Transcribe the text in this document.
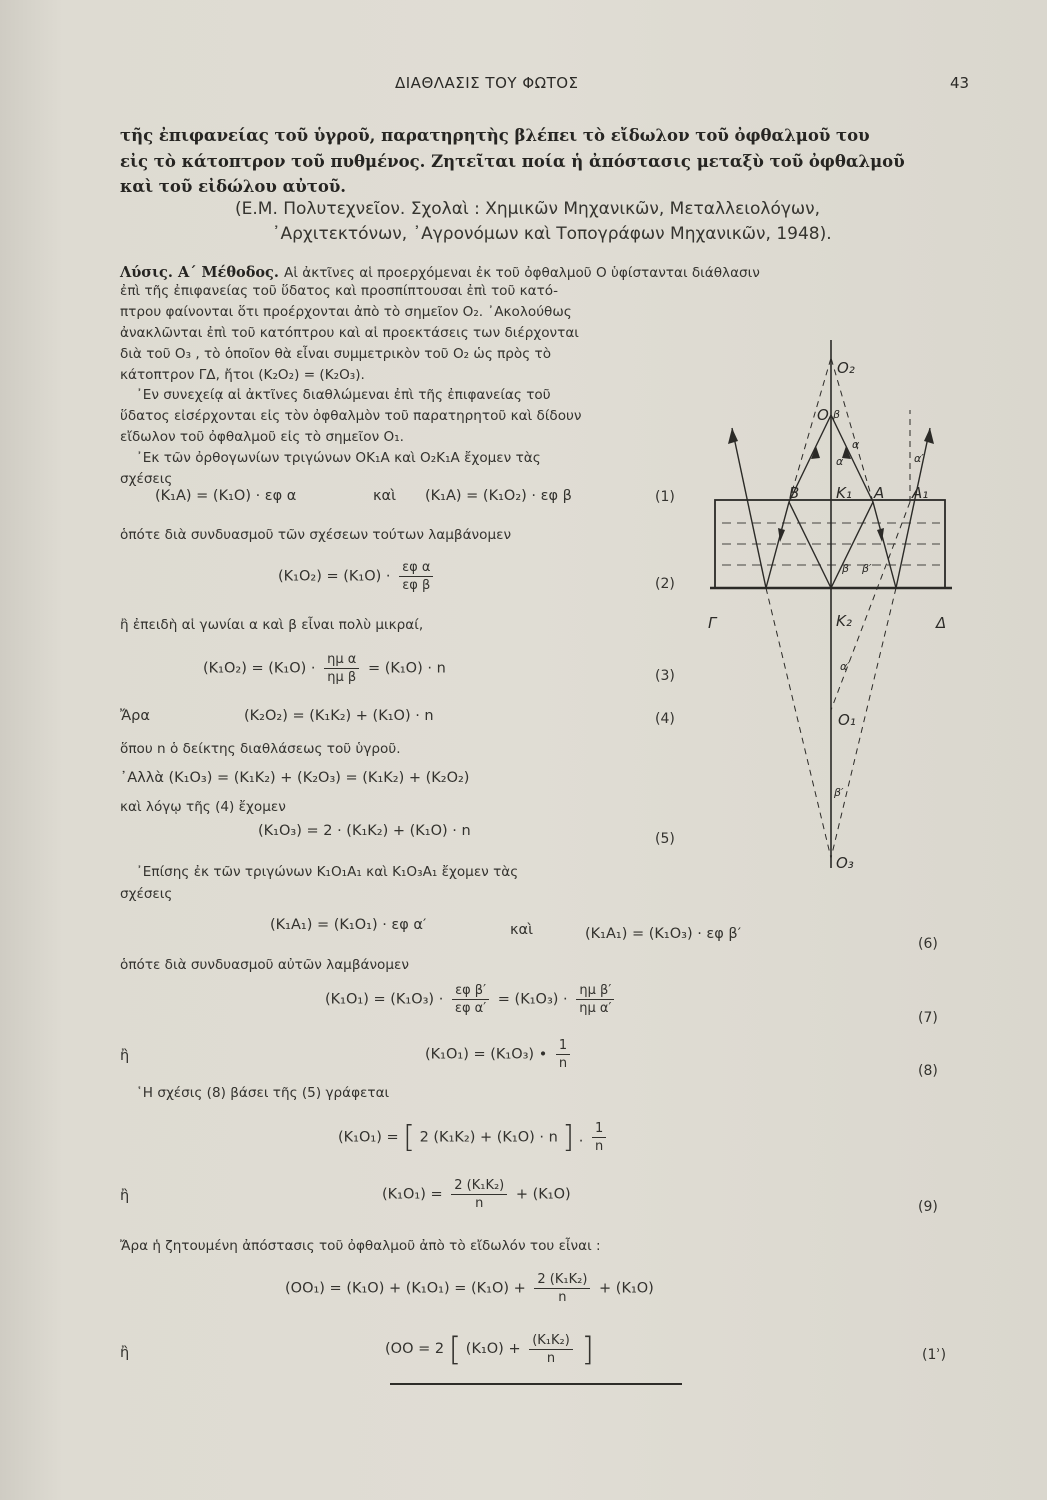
ΔΙΑΘΛΑΣΙΣ ΤΟΥ ΦΩΤΟΣ	43
τῆς ἐπιφανείας τοῦ ὑγροῦ, παρατηρητὴς βλέπει τὸ εἴδωλον τοῦ ὀφθαλμοῦ του
εἰς τὸ κάτοπτρον τοῦ πυθμένος. Ζητεῖται ποία ἡ ἀπόστασις μεταξὺ τοῦ ὀφθαλμοῦ
καὶ τοῦ εἰδώλου αὐτοῦ.
(Ε.Μ. Πολυτεχνεῖον. Σχολαὶ : Χημικῶν Μηχανικῶν, Μεταλλειολόγων,
᾿Αρχιτεκτόνων, ᾿Αγρονόμων καὶ Τοπογράφων Μηχανικῶν, 1948).
Λύσις. Α΄ Μέθοδος. Αἱ ἀκτῖνες αἱ προερχόμεναι ἐκ τοῦ ὀφθαλμοῦ Ο ὑφίστανται διάθλασιν
ἐπὶ τῆς ἐπιφανείας τοῦ ὕδατος καὶ προσπίπτουσαι ἐπὶ τοῦ κατό-
πτρου φαίνονται ὅτι προέρχονται ἀπὸ τὸ σημεῖον Ο₂. ᾿Ακολούθως
ἀνακλῶνται ἐπὶ τοῦ κατόπτρου καὶ αἱ προεκτάσεις των διέρχονται
διὰ τοῦ Ο₃ , τὸ ὁποῖον θὰ εἶναι συμμετρικὸν τοῦ Ο₂ ὡς πρὸς τὸ
κάτοπτρον ΓΔ, ἤτοι (Κ₂Ο₂) = (Κ₂Ο₃).
᾿Εν συνεχείᾳ αἱ ἀκτῖνες διαθλώμεναι ἐπὶ τῆς ἐπιφανείας τοῦ
ὕδατος εἰσέρχονται εἰς τὸν ὀφθαλμὸν τοῦ παρατηρητοῦ καὶ δίδουν
εἴδωλον τοῦ ὀφθαλμοῦ εἰς τὸ σημεῖον Ο₁.
᾿Εκ τῶν ὀρθογωνίων τριγώνων ΟΚ₁Α καὶ Ο₂Κ₁Α ἔχομεν τὰς
σχέσεις
(Κ₁Α) = (Κ₁Ο) · εφ α	καὶ (Κ₁Α) = (Κ₁Ο₂) · εφ β	(1)
ὁπότε διὰ συνδυασμοῦ τῶν σχέσεων τούτων λαμβάνομεν
$(K_1O_2) = (K_1O) \cdot \frac{\text{εφ α}}{\text{εφ β}}$	(2)
ἢ ἐπειδὴ αἱ γωνίαι α καὶ β εἶναι πολὺ μικραί,
$(K_1O_2) = (K_1O) \cdot \frac{\text{ημ α}}{\text{ημ β}} = (K_1O) \cdot n$	(3)
Ἄρα	(Κ₂Ο₂) = (Κ₁Κ₂) + (Κ₁Ο) · n	(4)
ὅπου n ὁ δείκτης διαθλάσεως τοῦ ὑγροῦ.
᾿Αλλὰ (Κ₁Ο₃) = (Κ₁Κ₂) + (Κ₂Ο₃) = (Κ₁Κ₂) + (Κ₂Ο₂)
καὶ λόγῳ τῆς (4) ἔχομεν
(Κ₁Ο₃) = 2 · (Κ₁Κ₂) + (Κ₁Ο) · n	(5)
᾿Επίσης ἐκ τῶν τριγώνων Κ₁Ο₁Α₁ καὶ Κ₁Ο₃Α₁ ἔχομεν τὰς
σχέσεις
(Κ₁Α₁) = (Κ₁Ο₁) · εφ α′	καὶ	(Κ₁Α₁) = (Κ₁Ο₃) · εφ β′
(6)
ὁπότε διὰ συνδυασμοῦ αὐτῶν λαμβάνομεν
$(K_1O_1) = (K_1O_3) \cdot \frac{\text{εφ β′}}{\text{εφ α′}} = (K_1O_3) \cdot \frac{\text{ημ β′}}{\text{ημ α′}}$
(7)
ἢ	(Κ₁Ο₁) = (Κ₁Ο₃) • $\frac{1}{n}$	(8)
῾Η σχέσις (8) βάσει τῆς (5) γράφεται
(Κ₁Ο₁) = [ 2 (Κ₁Κ₂) + (Κ₁Ο) · n ] . $\frac{1}{n}$
ἢ	$(K_1O_1) = \frac{\text{2 (Κ₁Κ₂)}}{n} + (K_1O)$
(9)
Ἄρα ἡ ζητουμένη ἀπόστασις τοῦ ὀφθαλμοῦ ἀπὸ τὸ εἴδωλόν του εἶναι :
$(OO_1) = (K_1O) + (K_1O_1) = (K_1O) + \frac{\text{2 (Κ₁Κ₂)}}{n} + (K_1O)$
ἢ	(ΟΟ = 2 [ $(K_1O) + \frac{\text{(Κ₁Κ₂)}}{n}$ ]	(1ʾ)
O₂
O β
α
α
α′
B K₁ A A₁
β β′
Γ	K₂	Δ
α′
O₁
β′
O₃
